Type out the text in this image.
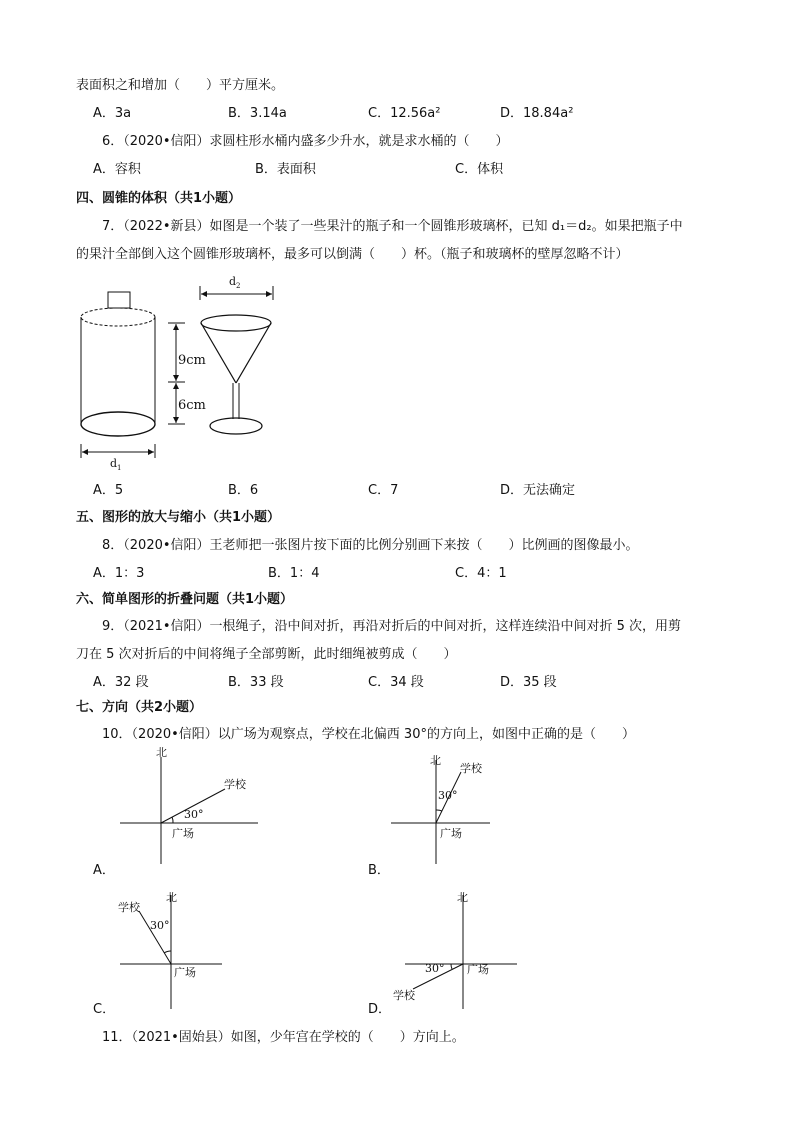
表面积之和增加（　　）平方厘米。
A．3a	B．3.14a	C．12.56a²	D．18.84a²
6．（2020•信阳）求圆柱形水桶内盛多少升水，就是求水桶的（　　）
A．容积	B．表面积	C．体积
四、圆锥的体积（共1小题）
7．（2022•新县）如图是一个装了一些果汁的瓶子和一个圆锥形玻璃杯，已知 d₁＝d₂。如果把瓶子中
的果汁全部倒入这个圆锥形玻璃杯，最多可以倒满（　　）杯。（瓶子和玻璃杯的壁厚忽略不计）
$d_1$
$d_2$
9cm
6cm
A．5	B．6	C．7	D．无法确定
五、图形的放大与缩小（共1小题）
8．（2020•信阳）王老师把一张图片按下面的比例分别画下来按（　　）比例画的图像最小。
A．1：3	B．1：4	C．4：1
六、简单图形的折叠问题（共1小题）
9．（2021•信阳）一根绳子，沿中间对折，再沿对折后的中间对折，这样连续沿中间对折 5 次，用剪
刀在 5 次对折后的中间将绳子全部剪断，此时细绳被剪成（　　）
A．32 段	B．33 段	C．34 段	D．35 段
七、方向（共2小题）
10．（2020•信阳）以广场为观察点，学校在北偏西 30°的方向上，如图中正确的是（　　）
北
学校
广场
30°
A．
北
学校
广场
30°
B．
北
学校
广场
30°
C．
北
学校
广场
30°
D．
11．（2021•固始县）如图，少年宫在学校的（　　）方向上。
